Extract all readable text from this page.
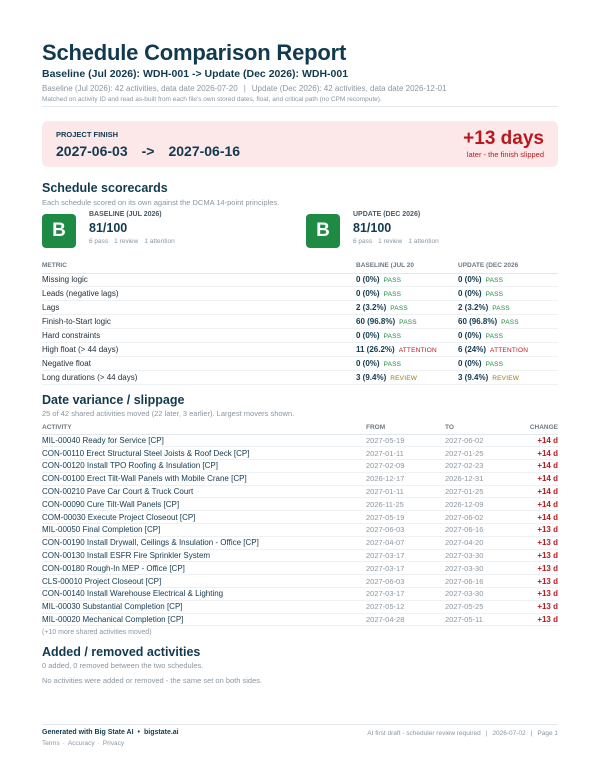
Schedule Comparison Report
Baseline (Jul 2026): WDH-001 -> Update (Dec 2026): WDH-001
Baseline (Jul 2026): 42 activities, data date 2026-07-20 | Update (Dec 2026): 42 activities, data date 2026-12-01
Matched on activity ID and read as-built from each file's own stored dates, float, and critical path (no CPM recompute).
PROJECT FINISH
2027-06-03 -> 2027-06-16
+13 days
later - the finish slipped
Schedule scorecards
Each schedule scored on its own against the DCMA 14-point principles.
B
BASELINE (JUL 2026)
81/100
6 pass 1 review 1 attention
B
UPDATE (DEC 2026)
81/100
6 pass 1 review 1 attention
METRIC	BASELINE (JUL 20	UPDATE (DEC 2026
Missing logic	0 (0%) PASS	0 (0%) PASS
Leads (negative lags)	0 (0%) PASS	0 (0%) PASS
Lags	2 (3.2%) PASS	2 (3.2%) PASS
Finish-to-Start logic	60 (96.8%) PASS	60 (96.8%) PASS
Hard constraints	0 (0%) PASS	0 (0%) PASS
High float (> 44 days)	11 (26.2%) ATTENTION	6 (24%) ATTENTION
Negative float	0 (0%) PASS	0 (0%) PASS
Long durations (> 44 days)	3 (9.4%) REVIEW	3 (9.4%) REVIEW
Date variance / slippage
25 of 42 shared activities moved (22 later, 3 earlier). Largest movers shown.
ACTIVITY	FROM	TO	CHANGE
MIL-00040 Ready for Service [CP]	2027-05-19	2027-06-02	+14 d
CON-00110 Erect Structural Steel Joists & Roof Deck [CP]	2027-01-11	2027-01-25	+14 d
CON-00120 Install TPO Roofing & Insulation [CP]	2027-02-09	2027-02-23	+14 d
CON-00100 Erect Tilt-Wall Panels with Mobile Crane [CP]	2026-12-17	2026-12-31	+14 d
CON-00210 Pave Car Court & Truck Court	2027-01-11	2027-01-25	+14 d
CON-00090 Cure Tilt-Wall Panels [CP]	2026-11-25	2026-12-09	+14 d
COM-00030 Execute Project Closeout [CP]	2027-05-19	2027-06-02	+14 d
MIL-00050 Final Completion [CP]	2027-06-03	2027-06-16	+13 d
CON-00190 Install Drywall, Ceilings & Insulation - Office [CP]	2027-04-07	2027-04-20	+13 d
CON-00130 Install ESFR Fire Sprinkler System	2027-03-17	2027-03-30	+13 d
CON-00180 Rough-In MEP - Office [CP]	2027-03-17	2027-03-30	+13 d
CLS-00010 Project Closeout [CP]	2027-06-03	2027-06-16	+13 d
CON-00140 Install Warehouse Electrical & Lighting	2027-03-17	2027-03-30	+13 d
MIL-00030 Substantial Completion [CP]	2027-05-12	2027-05-25	+13 d
MIL-00020 Mechanical Completion [CP]	2027-04-28	2027-05-11	+13 d
(+10 more shared activities moved)
Added / removed activities
0 added, 0 removed between the two schedules.
No activities were added or removed - the same set on both sides.
Generated with Big State AI • bigstate.ai
Terms · Accuracy · Privacy
AI first draft - scheduler review required | 2026-07-02 | Page 1
